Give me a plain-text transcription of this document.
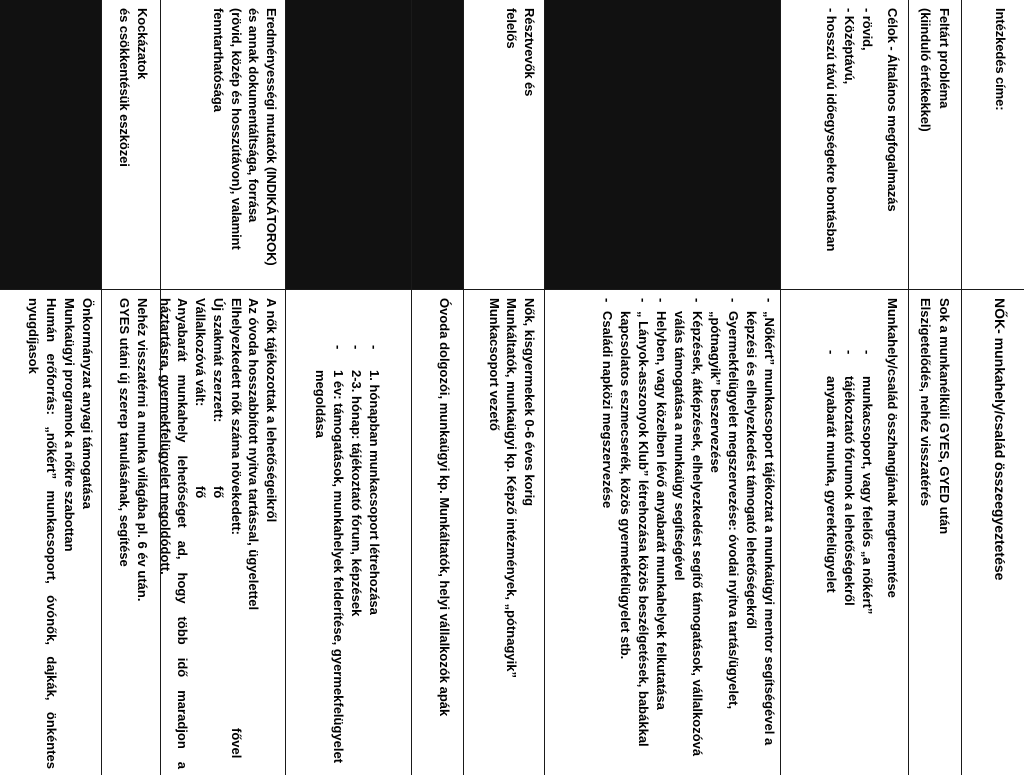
Intézkedés címe:
NŐK- munkahely/család összeegyeztetése
Feltárt probléma
(kiinduló értékekkel)
Sok a munkanélküli GYES, GYED után
Elszigetelődés, nehéz visszatérés
Célok - Általános megfogalmazás
- rövid,
- Középtávú,
- hosszú távú időegységekre bontásban
Munkahely/család összhangjának megteremtése
- munkacsoport, vagy felelős „a nőkért”
- tájékoztató fórumok a lehetőségekről
- anyabarát munka, gyerekfelügyelet
- „Nőkért” munkacsoport tájékoztat a munkaügyi mentor segítségével a képzési és elhelyezkedést támogató lehetőségekről
- Gyermekfelügyelet megszervezése: óvodai nyitva tartás/ügyelet, „pótnagyik” beszervezése
- Képzések, átképzések, elhelyezkedést segítő támogatások, vállalkozóvá válás támogatása a munkaügy segítségével
- Helyben, vagy közelben lévő anyabarát munkahelyek felkutatása
- „ Lányok-asszonyok Klub” létrehozása közös beszélgetések, babákkal kapcsolatos eszmecserék, közös gyermekfelügyelet stb.
- Családi napközi megszervezése
Résztvevők és
felelős
Nők, kisgyermekek 0-6 éves korig
Munkáltatók, munkaügyi kp. Képző intézmények, „pótnagyik”
Munkacsoport vezető
Óvoda dolgozói, munkaügyi kp. Munkáltatók, helyi vállalkozók apák
- 1. hónapban munkacsoport létrehozása
- 2-3. hónap: tájékoztató fórum, képzések
- 1 év: támogatások, munkahelyek felderítése, gyermekfelügyelet megoldása
Eredményességi mutatók (INDIKÁTOROK)
és annak dokumentáltsága, forrása
(rövid, közép és hosszútávon), valamint
fenntarthatósága
A nők tájékozottak a lehetőségeikről
Az óvoda hosszabbított nyitva tartással, ügyelettel
Elhelyezkedett nők száma növekedett:
fővel
Új szakmát szerzett:
fő
Vállalkozóvá vált:
fő
Anyabarát munkahely lehetőséget ad, hogy több idő maradjon a háztartásra, gyermekfelügyelet megoldódott.
Kockázatok
és csökkentésük eszközei
Nehéz visszatérni a munka világába pl. 6 év után.
GYES utáni új szerep tanulásának, segítése
Önkormányzat anyagi támogatása
Munkaügyi programok a nőkre szabottan
Humán erőforrás: „nőkért” munkacsoport, óvónők, dajkák, önkéntes nyugdíjasok
